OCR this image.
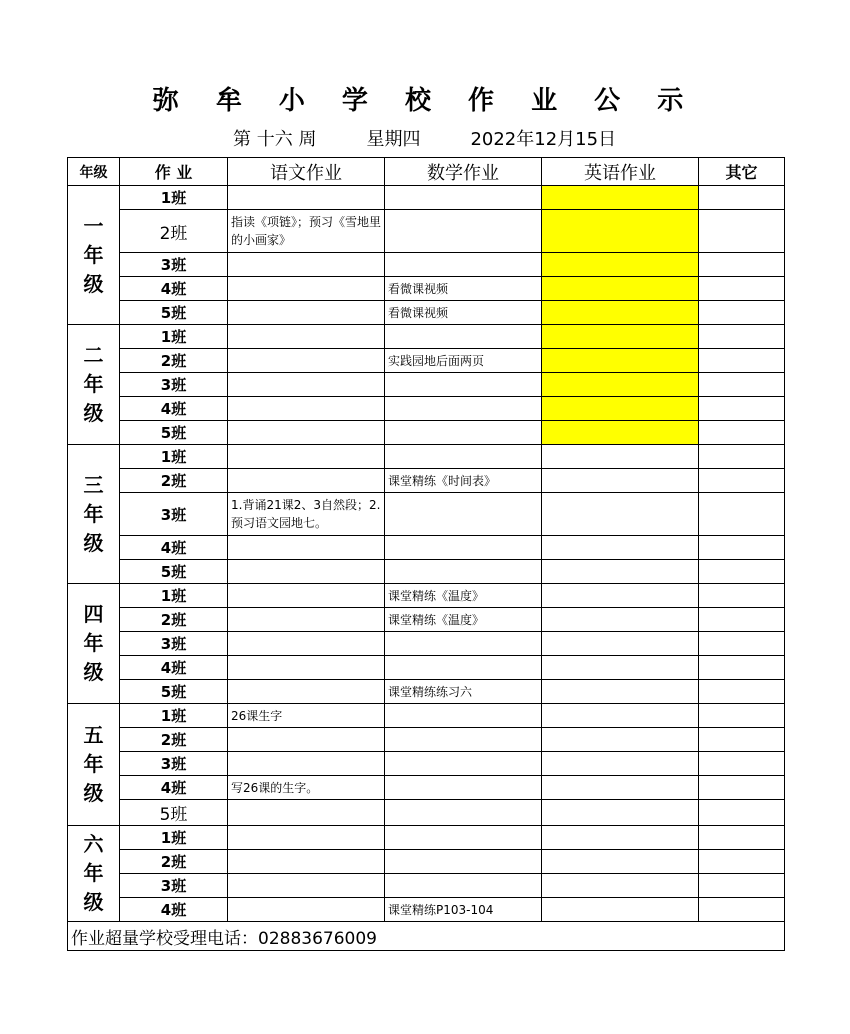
弥 牟 小 学 校 作 业 公 示
第 十六 周	星期四	2022年12月15日
年级	作 业	语文作业	数学作业	英语作业	其它
一
年
级	1班				
	2班	指读《项链》；预习《雪地里的小画家》			
	3班				
	4班		看微课视频		
	5班		看微课视频		
二
年
级	1班				
	2班		实践园地后面两页		
	3班				
	4班				
	5班				
三
年
级	1班				
	2班		课堂精练《时间表》		
	3班	1.背诵21课2、3自然段；2.预习语文园地七。			
	4班				
	5班				
四
年
级	1班		课堂精练《温度》		
	2班		课堂精练《温度》		
	3班				
	4班				
	5班		课堂精练练习六		
五
年
级	1班	26课生字			
	2班				
	3班				
	4班	写26课的生字。			
	5班				
六
年
级	1班				
	2班				
	3班				
	4班		课堂精练P103-104		
作业超量学校受理电话：02883676009					
